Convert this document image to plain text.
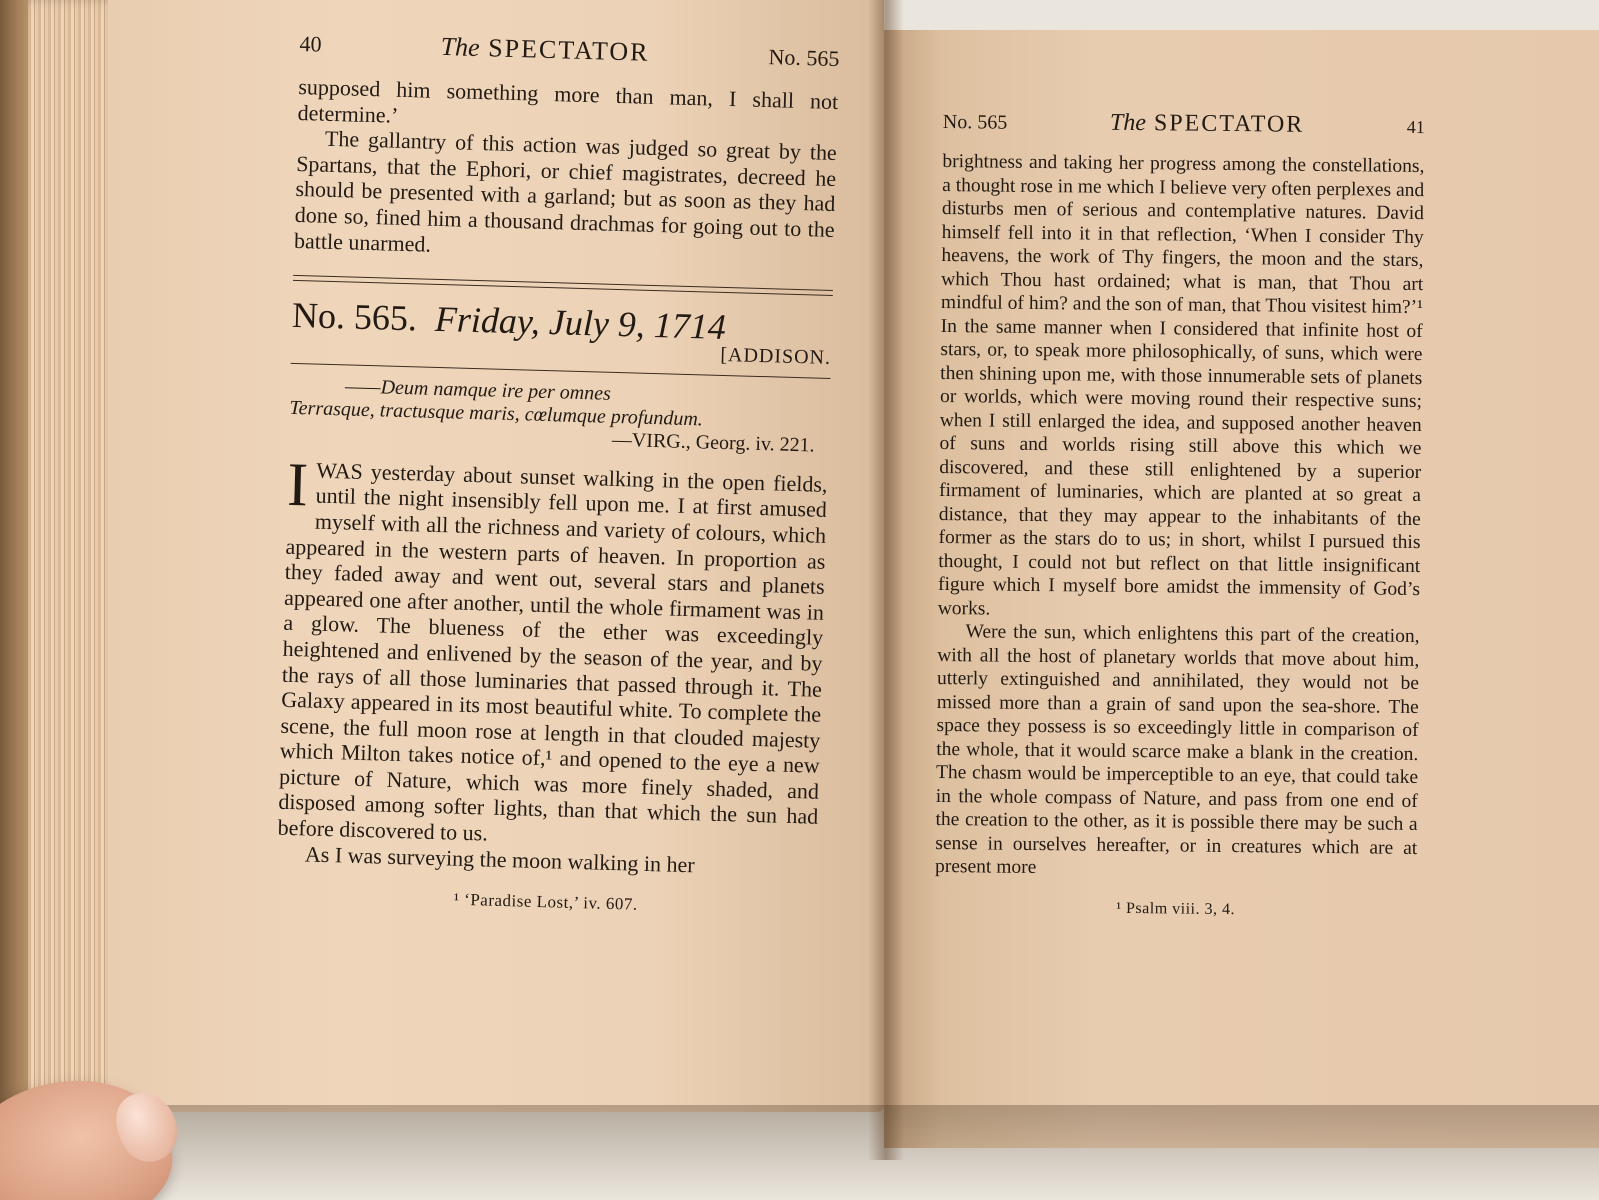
40	The SPECTATOR	No. 565

supposed him something more than man, I shall not determine.’

The gallantry of this action was judged so great by the Spartans, that the Ephori, or chief magistrates, decreed he should be presented with a garland; but as soon as they had done so, fined him a thousand drachmas for going out to the battle unarmed.

No. 565. Friday, July 9, 1714
[ADDISON.
——Deum namque ire per omnes
Terrasque, tractusque maris, cœlumque profundum.
—VIRG., Georg. iv. 221.

IWAS yesterday about sunset walking in the open fields, until the night insensibly fell upon me. I at first amused myself with all the richness and variety of colours, which appeared in the western parts of heaven. In proportion as they faded away and went out, several stars and planets appeared one after another, until the whole firmament was in a glow. The blueness of the ether was exceedingly heightened and enlivened by the season of the year, and by the rays of all those luminaries that passed through it. The Galaxy appeared in its most beautiful white. To complete the scene, the full moon rose at length in that clouded majesty which Milton takes notice of,¹ and opened to the eye a new picture of Nature, which was more finely shaded, and disposed among softer lights, than that which the sun had before discovered to us.

As I was surveying the moon walking in her

¹ ‘Paradise Lost,’ iv. 607.
No. 565	The SPECTATOR	41

brightness and taking her progress among the constellations, a thought rose in me which I believe very often perplexes and disturbs men of serious and contemplative natures. David himself fell into it in that reflection, ‘When I consider Thy heavens, the work of Thy fingers, the moon and the stars, which Thou hast ordained; what is man, that Thou art mindful of him? and the son of man, that Thou visitest him?’¹ In the same manner when I considered that infinite host of stars, or, to speak more philosophically, of suns, which were then shining upon me, with those innumerable sets of planets or worlds, which were moving round their respective suns; when I still enlarged the idea, and supposed another heaven of suns and worlds rising still above this which we discovered, and these still enlightened by a superior firmament of luminaries, which are planted at so great a distance, that they may appear to the inhabitants of the former as the stars do to us; in short, whilst I pursued this thought, I could not but reflect on that little insignificant figure which I myself bore amidst the immensity of God’s works.

Were the sun, which enlightens this part of the creation, with all the host of planetary worlds that move about him, utterly extinguished and annihilated, they would not be missed more than a grain of sand upon the sea-shore. The space they possess is so exceedingly little in comparison of the whole, that it would scarce make a blank in the creation. The chasm would be imperceptible to an eye, that could take in the whole compass of Nature, and pass from one end of the creation to the other, as it is possible there may be such a sense in ourselves hereafter, or in creatures which are at present more

¹ Psalm viii. 3, 4.
